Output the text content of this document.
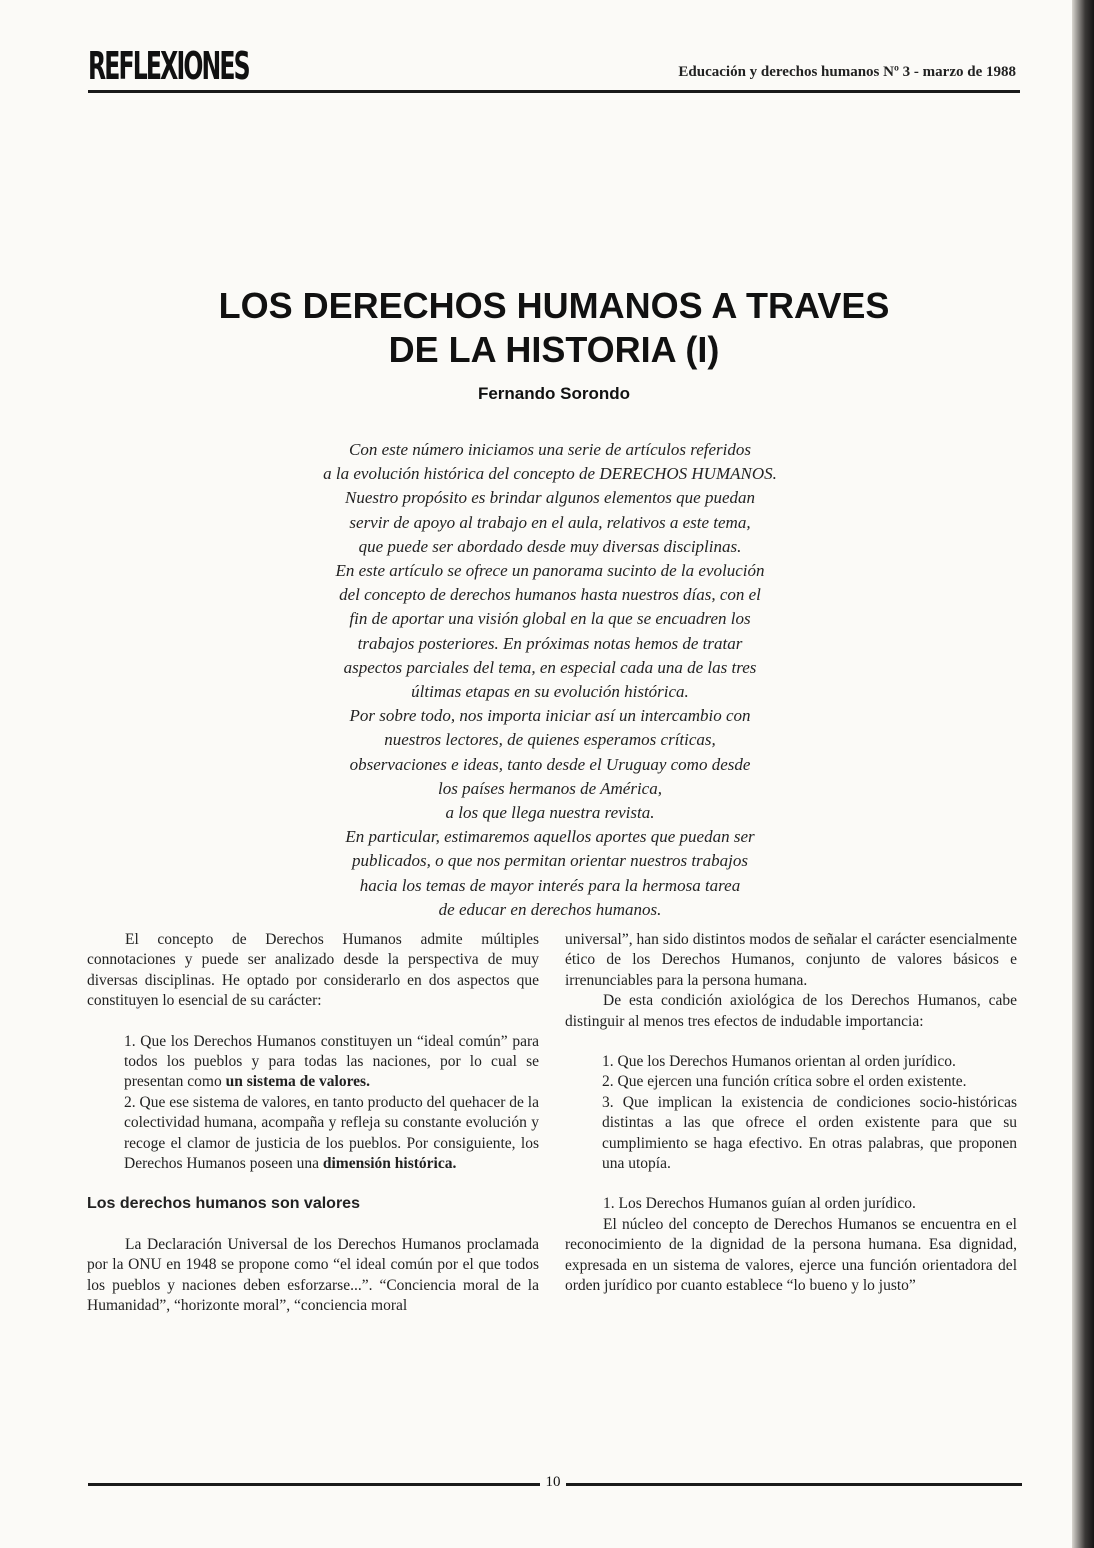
REFLEXIONES	Educación y derechos humanos Nº 3 - marzo de 1988
LOS DERECHOS HUMANOS A TRAVES
DE LA HISTORIA (I)
Fernando Sorondo
Con este número iniciamos una serie de artículos referidos
a la evolución histórica del concepto de DERECHOS HUMANOS.
Nuestro propósito es brindar algunos elementos que puedan
servir de apoyo al trabajo en el aula, relativos a este tema,
que puede ser abordado desde muy diversas disciplinas.
En este artículo se ofrece un panorama sucinto de la evolución
del concepto de derechos humanos hasta nuestros días, con el
fin de aportar una visión global en la que se encuadren los
trabajos posteriores. En próximas notas hemos de tratar
aspectos parciales del tema, en especial cada una de las tres
últimas etapas en su evolución histórica.
Por sobre todo, nos importa iniciar así un intercambio con
nuestros lectores, de quienes esperamos críticas,
observaciones e ideas, tanto desde el Uruguay como desde
los países hermanos de América,
a los que llega nuestra revista.
En particular, estimaremos aquellos aportes que puedan ser
publicados, o que nos permitan orientar nuestros trabajos
hacia los temas de mayor interés para la hermosa tarea
de educar en derechos humanos.

El concepto de Derechos Humanos admite múltiples connotaciones y puede ser analizado desde la perspectiva de muy diversas disciplinas. He optado por considerarlo en dos aspectos que constituyen lo esencial de su carácter:

1. Que los Derechos Humanos constituyen un “ideal común” para todos los pueblos y para todas las naciones, por lo cual se presentan como un sistema de valores.

2. Que ese sistema de valores, en tanto producto del quehacer de la colectividad humana, acompaña y refleja su constante evolución y recoge el clamor de justicia de los pueblos. Por consiguiente, los Derechos Humanos poseen una dimensión histórica.

Los derechos humanos son valores

La Declaración Universal de los Derechos Humanos proclamada por la ONU en 1948 se propone como “el ideal común por el que todos los pueblos y naciones deben esforzarse...”. “Conciencia moral de la Humanidad”, “horizonte moral”, “conciencia moral

universal”, han sido distintos modos de señalar el carácter esencialmente ético de los Derechos Humanos, conjunto de valores básicos e irrenunciables para la persona humana.

De esta condición axiológica de los Derechos Humanos, cabe distinguir al menos tres efectos de indudable importancia:

1. Que los Derechos Humanos orientan al orden jurídico.

2. Que ejercen una función crítica sobre el orden existente.

3. Que implican la existencia de condiciones socio-históricas distintas a las que ofrece el orden existente para que su cumplimiento se haga efectivo. En otras palabras, que proponen una utopía.

1. Los Derechos Humanos guían al orden jurídico.

El núcleo del concepto de Derechos Humanos se encuentra en el reconocimiento de la dignidad de la persona humana. Esa dignidad, expresada en un sistema de valores, ejerce una función orientadora del orden jurídico por cuanto establece “lo bueno y lo justo”

10
